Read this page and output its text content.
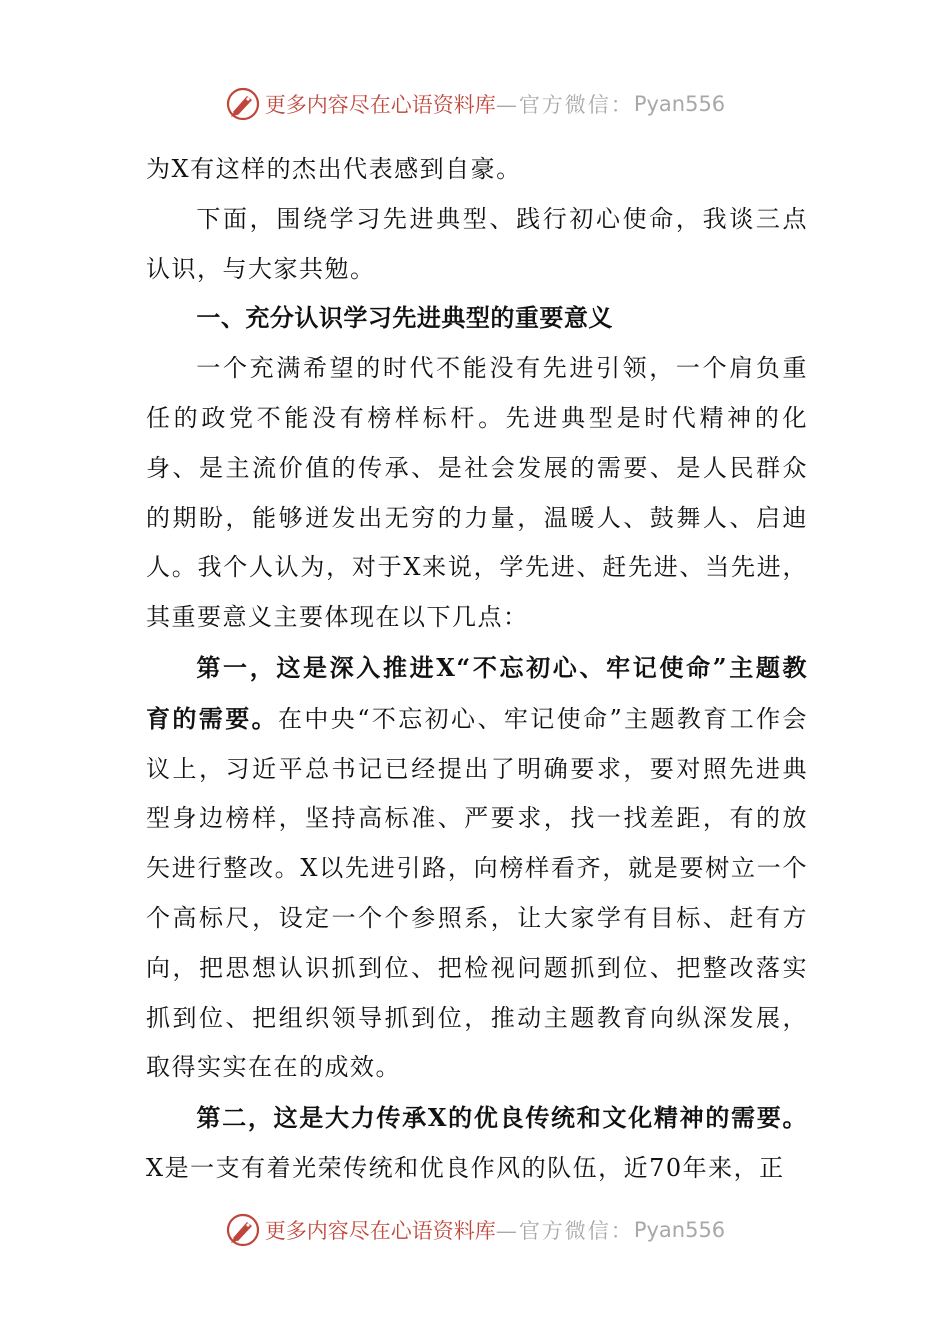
更多内容尽在心语资料库 —官方微信： Pyan556

为X有这样的杰出代表感到自豪。

下面，围绕学习先进典型、践行初心使命，我谈三点认识，与大家共勉。

一、充分认识学习先进典型的重要意义

一个充满希望的时代不能没有先进引领，一个肩负重任的政党不能没有榜样标杆。先进典型是时代精神的化身、是主流价值的传承、是社会发展的需要、是人民群众的期盼，能够迸发出无穷的力量，温暖人、鼓舞人、启迪人。我个人认为，对于X来说，学先进、赶先进、当先进，其重要意义主要体现在以下几点：

第一，这是深入推进X“不忘初心、牢记使命”主题教育的需要。在中央“不忘初心、牢记使命”主题教育工作会议上，习近平总书记已经提出了明确要求，要对照先进典型身边榜样，坚持高标准、严要求，找一找差距，有的放矢进行整改。X以先进引路，向榜样看齐，就是要树立一个个高标尺，设定一个个参照系，让大家学有目标、赶有方向，把思想认识抓到位、把检视问题抓到位、把整改落实抓到位、把组织领导抓到位，推动主题教育向纵深发展，取得实实在在的成效。

第二，这是大力传承X的优良传统和文化精神的需要。X是一支有着光荣传统和优良作风的队伍，近70年来，正

更多内容尽在心语资料库 —官方微信： Pyan556
